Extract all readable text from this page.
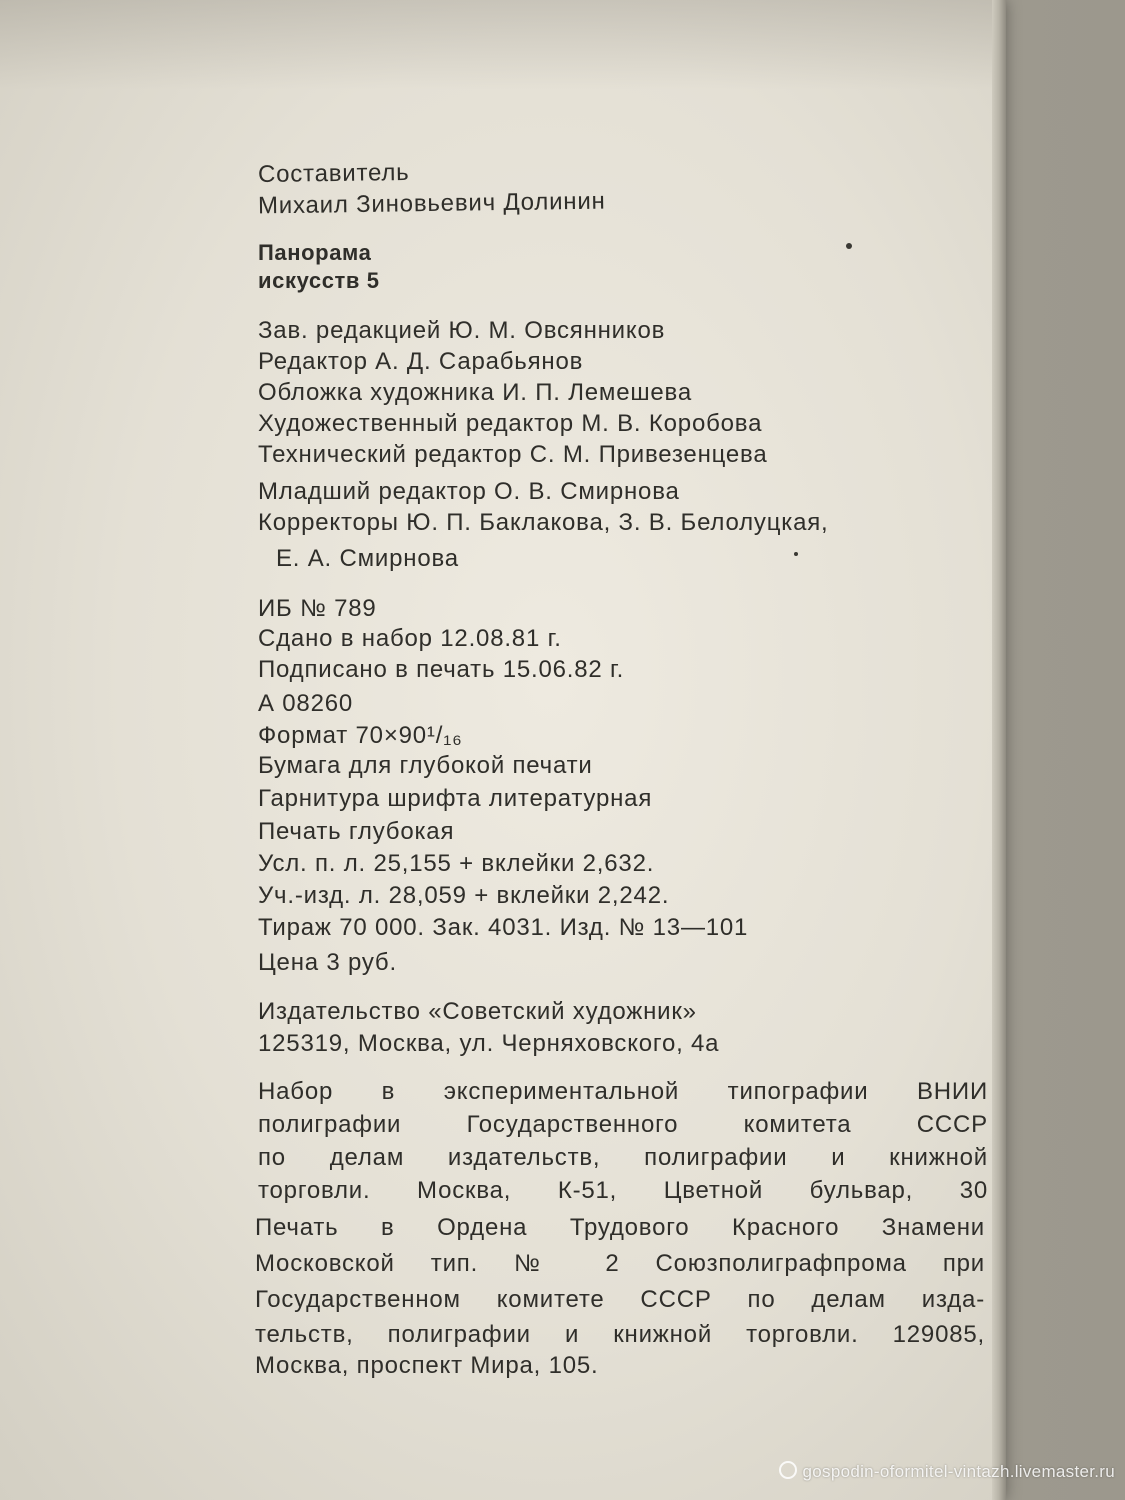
Составитель
Михаил Зиновьевич Долинин
Панорама
искусств 5
Зав. редакцией Ю. М. Овсянников
Редактор А. Д. Сарабьянов
Обложка художника И. П. Лемешева
Художественный редактор М. В. Коробова
Технический редактор С. М. Привезенцева
Младший редактор О. В. Смирнова
Корректоры Ю. П. Баклакова, З. В. Белолуцкая,
Е. А. Смирнова
ИБ № 789
Сдано в набор 12.08.81 г.
Подписано в печать 15.06.82 г.
А 08260
Формат 70×90¹/₁₆
Бумага для глубокой печати
Гарнитура шрифта литературная
Печать глубокая
Усл. п. л. 25,155 + вклейки 2,632.
Уч.-изд. л. 28,059 + вклейки 2,242.
Тираж 70 000. Зак. 4031. Изд. № 13—101
Цена 3 руб.
Издательство «Советский художник»
125319, Москва, ул. Черняховского, 4а
Набор в экспериментальной типографии ВНИИ
полиграфии Государственного комитета СССР
по делам издательств, полиграфии и книжной
торговли. Москва, К-51, Цветной бульвар, 30
Печать в Ордена Трудового Красного Знамени
Московской тип. № 2 Союзполиграфпрома при
Государственном комитете СССР по делам изда-
тельств, полиграфии и книжной торговли. 129085,
Москва, проспект Мира, 105.
gospodin-oformitel-vintazh.livemaster.ru
